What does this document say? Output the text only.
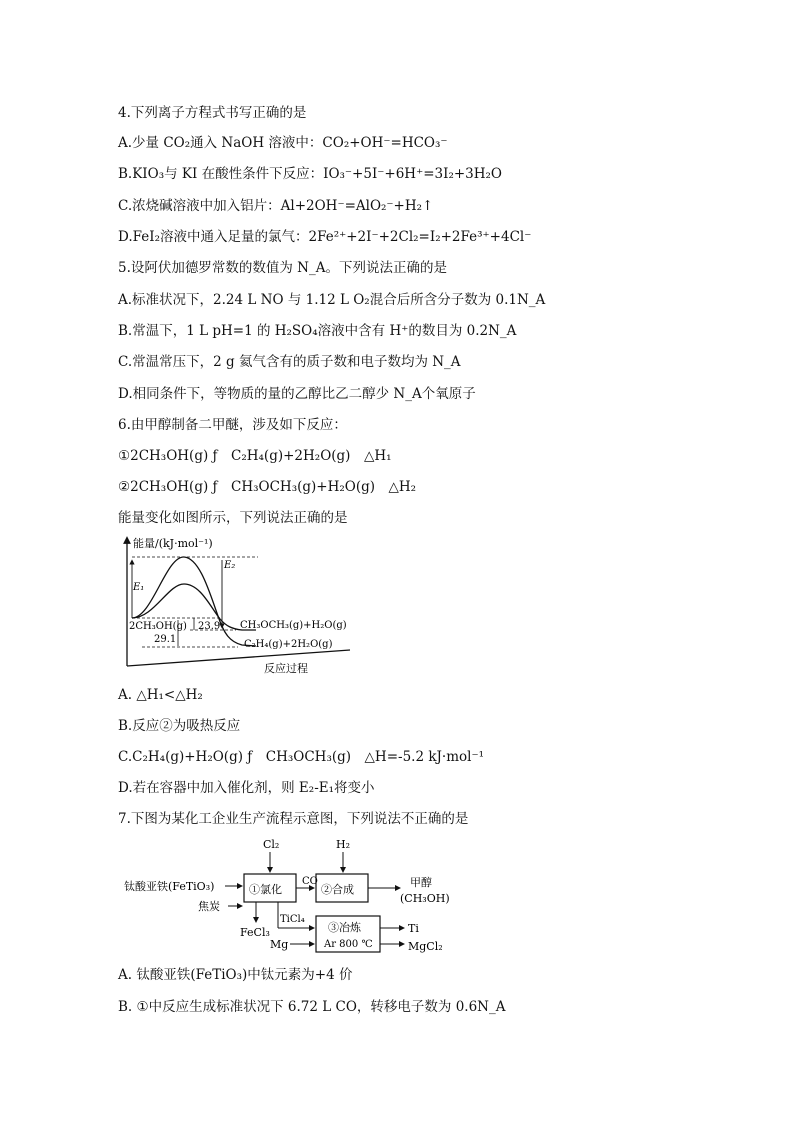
4.下列离子方程式书写正确的是
A.少量 CO₂通入 NaOH 溶液中：CO₂+OH⁻=HCO₃⁻
B.KIO₃与 KI 在酸性条件下反应：IO₃⁻+5I⁻+6H⁺=3I₂+3H₂O
C.浓烧碱溶液中加入铝片：Al+2OH⁻=AlO₂⁻+H₂↑
D.FeI₂溶液中通入足量的氯气：2Fe²⁺+2I⁻+2Cl₂=I₂+2Fe³⁺+4Cl⁻
5.设阿伏加德罗常数的数值为 N_A。下列说法正确的是
A.标准状况下，2.24 L NO 与 1.12 L O₂混合后所含分子数为 0.1N_A
B.常温下，1 L pH=1 的 H₂SO₄溶液中含有 H⁺的数目为 0.2N_A
C.常温常压下，2 g 氦气含有的质子数和电子数均为 N_A
D.相同条件下，等物质的量的乙醇比乙二醇少 N_A个氧原子
6.由甲醇制备二甲醚，涉及如下反应：
①2CH₃OH(g) ƒ　C₂H₄(g)+2H₂O(g)　△H₁
②2CH₃OH(g) ƒ　CH₃OCH₃(g)+H₂O(g)　△H₂
能量变化如图所示，下列说法正确的是
能量/(kJ·mol⁻¹)
反应过程
E₁
E₂
23.9
29.1
2CH₃OH(g)	CH₃OCH₃(g)+H₂O(g)
C₂H₄(g)+2H₂O(g)
A. △H₁<△H₂
B.反应②为吸热反应
C.C₂H₄(g)+H₂O(g) ƒ　CH₃OCH₃(g)　△H=-5.2 kJ·mol⁻¹
D.若在容器中加入催化剂，则 E₂-E₁将变小
7.下图为某化工企业生产流程示意图，下列说法不正确的是
钛酸亚铁(FeTiO₃)
焦炭
Cl₂
①氯化
CO
H₂
②合成
甲醇
(CH₃OH)
FeCl₃
TiCl₄
Mg
③冶炼
Ar 800 ℃
Ti
MgCl₂
A. 钛酸亚铁(FeTiO₃)中钛元素为+4 价
B. ①中反应生成标准状况下 6.72 L CO，转移电子数为 0.6N_A
